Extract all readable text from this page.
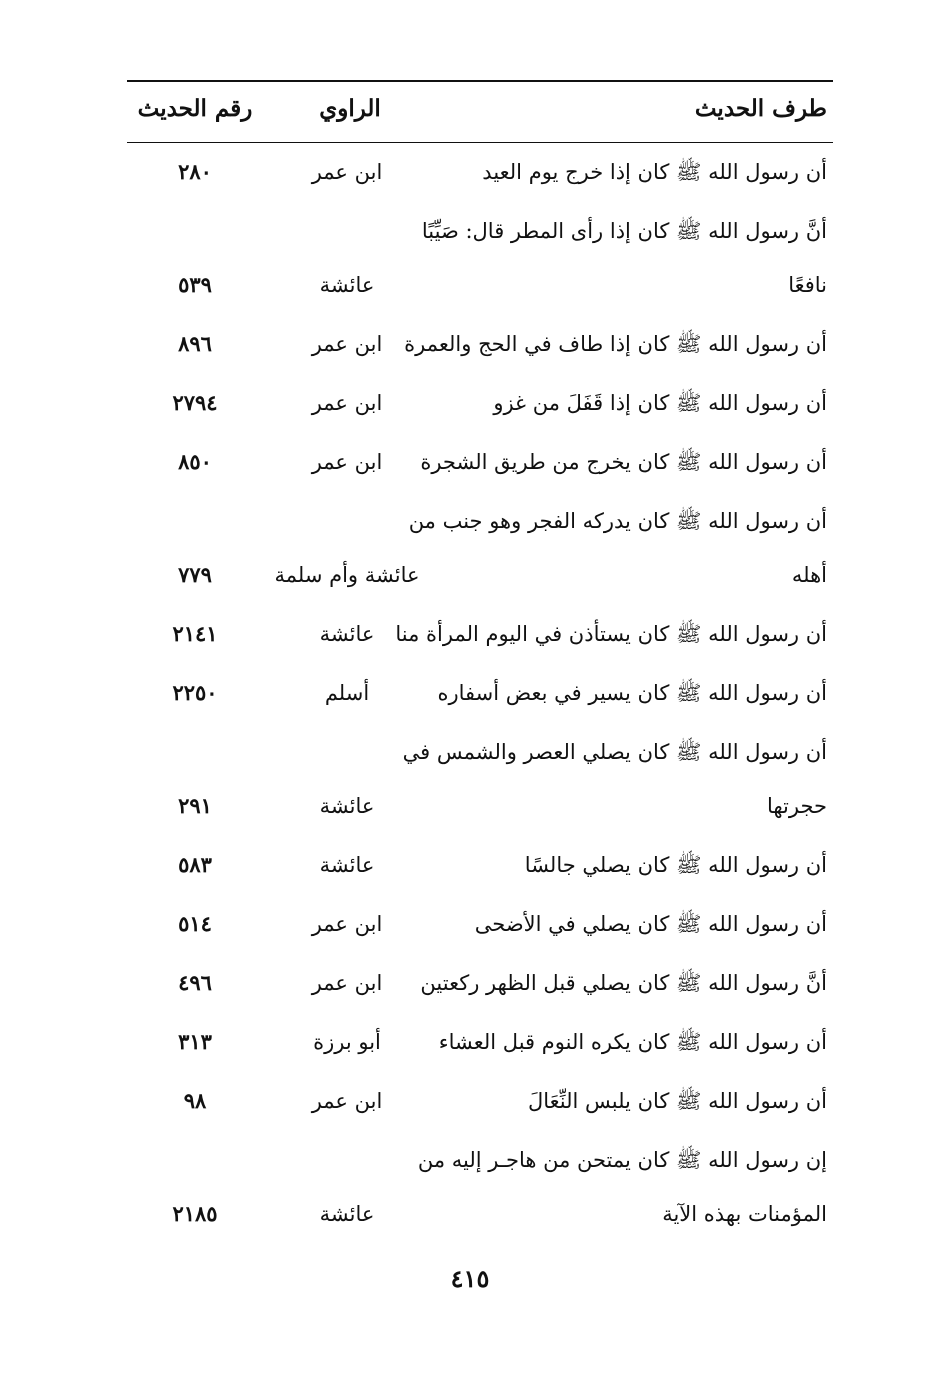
طرف الحديث
الراوي
رقم الحديث
أن رسول الله ﷺ كان إذا خرج يوم العيد
ابن عمر
٢٨٠
أنَّ رسول الله ﷺ كان إذا رأى المطر قال: صَيِّبًا
نافعًا
عائشة
٥٣٩
أن رسول الله ﷺ كان إذا طاف في الحج والعمرة
ابن عمر
٨٩٦
أن رسول الله ﷺ كان إذا قَفَلَ من غزو
ابن عمر
٢٧٩٤
أن رسول الله ﷺ كان يخرج من طريق الشجرة
ابن عمر
٨٥٠
أن رسول الله ﷺ كان يدركه الفجر وهو جنب من
أهله
عائشة وأم سلمة
٧٧٩
أن رسول الله ﷺ كان يستأذن في اليوم المرأة منا
عائشة
٢١٤١
أن رسول الله ﷺ كان يسير في بعض أسفاره
أسلم
٢٢٥٠
أن رسول الله ﷺ كان يصلي العصر والشمس في
حجرتها
عائشة
٢٩١
أن رسول الله ﷺ كان يصلي جالسًا
عائشة
٥٨٣
أن رسول الله ﷺ كان يصلي في الأضحى
ابن عمر
٥١٤
أنَّ رسول الله ﷺ كان يصلي قبل الظهر ركعتين
ابن عمر
٤٩٦
أن رسول الله ﷺ كان يكره النوم قبل العشاء
أبو برزة
٣١٣
أن رسول الله ﷺ كان يلبس النِّعَالَ
ابن عمر
٩٨
إن رسول الله ﷺ كان يمتحن من هاجـر إليه من
المؤمنات بهذه الآية
عائشة
٢١٨٥
٤١٥
